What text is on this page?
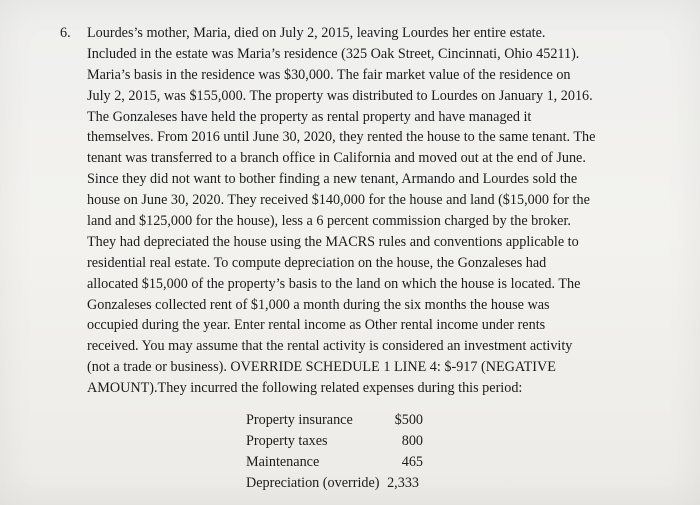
6. Lourdes’s mother, Maria, died on July 2, 2015, leaving Lourdes her entire estate.
Included in the estate was Maria’s residence (325 Oak Street, Cincinnati, Ohio 45211).
Maria’s basis in the residence was $30,000. The fair market value of the residence on
July 2, 2015, was $155,000. The property was distributed to Lourdes on January 1, 2016.
The Gonzaleses have held the property as rental property and have managed it
themselves. From 2016 until June 30, 2020, they rented the house to the same tenant. The
tenant was transferred to a branch office in California and moved out at the end of June.
Since they did not want to bother finding a new tenant, Armando and Lourdes sold the
house on June 30, 2020. They received $140,000 for the house and land ($15,000 for the
land and $125,000 for the house), less a 6 percent commission charged by the broker.
They had depreciated the house using the MACRS rules and conventions applicable to
residential real estate. To compute depreciation on the house, the Gonzaleses had
allocated $15,000 of the property’s basis to the land on which the house is located. The
Gonzaleses collected rent of $1,000 a month during the six months the house was
occupied during the year. Enter rental income as Other rental income under rents
received. You may assume that the rental activity is considered an investment activity
(not a trade or business). OVERRIDE SCHEDULE 1 LINE 4: $-917 (NEGATIVE
AMOUNT).They incurred the following related expenses during this period:
Property insurance	$500
Property taxes	800
Maintenance	465
Depreciation (override) 2,333
